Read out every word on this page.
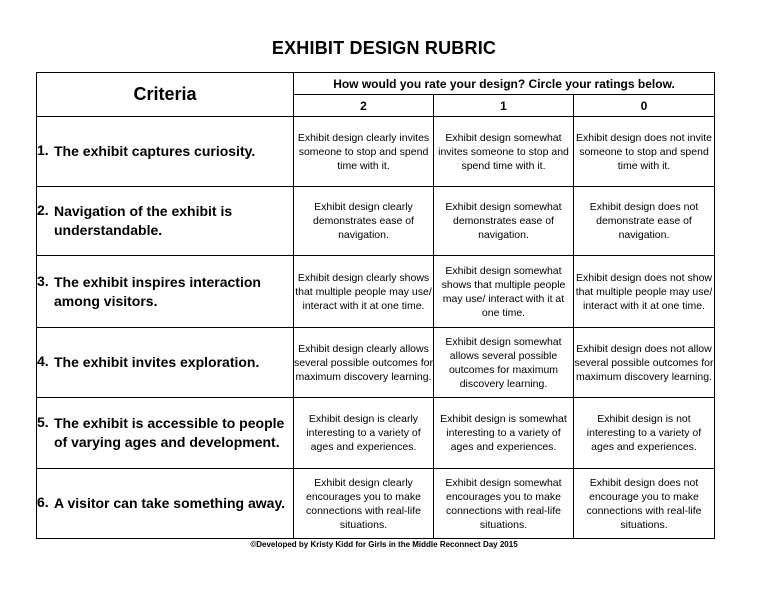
EXHIBIT DESIGN RUBRIC
Criteria	How would you rate your design? Circle your ratings below.		
	2	1	0

1. The exhibit captures curiosity.	Exhibit design clearly invites someone to stop and spend time with it.	Exhibit design somewhat invites someone to stop and spend time with it.	Exhibit design does not invite someone to stop and spend time with it.

2. Navigation of the exhibit is understandable.	Exhibit design clearly demonstrates ease of navigation.	Exhibit design somewhat demonstrates ease of navigation.	Exhibit design does not demonstrate ease of navigation.

3. The exhibit inspires interaction among visitors.	Exhibit design clearly shows that multiple people may use/ interact with it at one time.	Exhibit design somewhat shows that multiple people may use/ interact with it at one time.	Exhibit design does not show that multiple people may use/ interact with it at one time.

4. The exhibit invites exploration.	Exhibit design clearly allows several possible outcomes for maximum discovery learning.	Exhibit design somewhat allows several possible outcomes for maximum discovery learning.	Exhibit design does not allow several possible outcomes for maximum discovery learning.

5. The exhibit is accessible to people of varying ages and development.	Exhibit design is clearly interesting to a variety of ages and experiences.	Exhibit design is somewhat interesting to a variety of ages and experiences.	Exhibit design is not interesting to a variety of ages and experiences.

6. A visitor can take something away.	Exhibit design clearly encourages you to make connections with real-life situations.	Exhibit design somewhat encourages you to make connections with real-life situations.	Exhibit design does not encourage you to make connections with real-life situations.
©Developed by Kristy Kidd for Girls in the Middle Reconnect Day 2015
